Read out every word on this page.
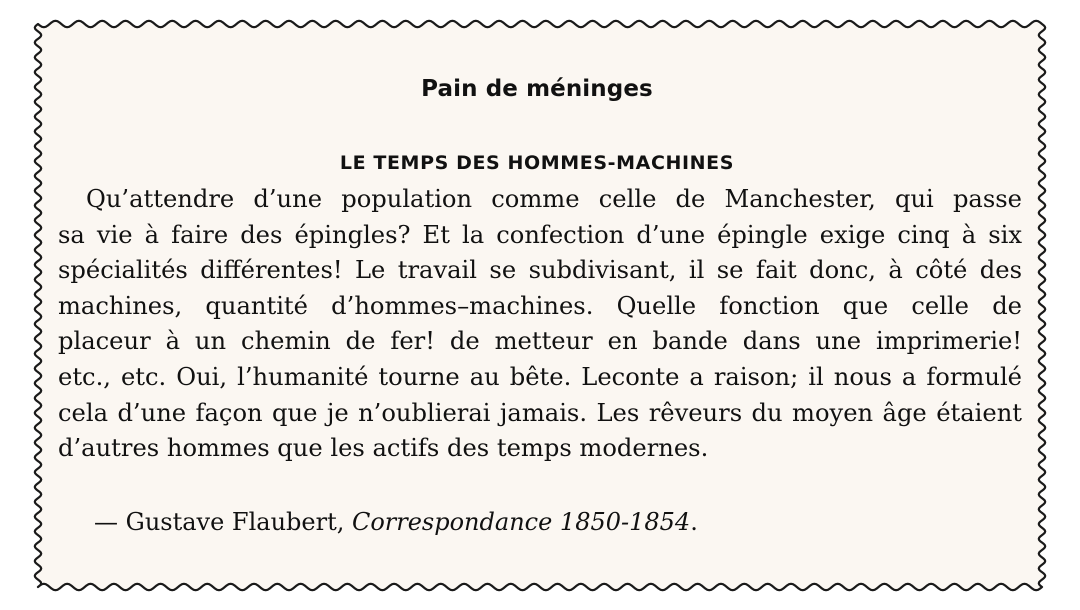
Pain de méninges
LE TEMPS DES HOMMES-MACHINES
Qu’attendre d’une population comme celle de Manchester, qui passe
sa vie à faire des épingles? Et la confection d’une épingle exige cinq à six
spécialités différentes! Le travail se subdivisant, il se fait donc, à côté des
machines, quantité d’hommes–machines. Quelle fonction que celle de
placeur à un chemin de fer! de metteur en bande dans une imprimerie!
etc., etc. Oui, l’humanité tourne au bête. Leconte a raison; il nous a formulé
cela d’une façon que je n’oublierai jamais. Les rêveurs du moyen âge étaient
d’autres hommes que les actifs des temps modernes.
— Gustave Flaubert, Correspondance 1850-1854.
